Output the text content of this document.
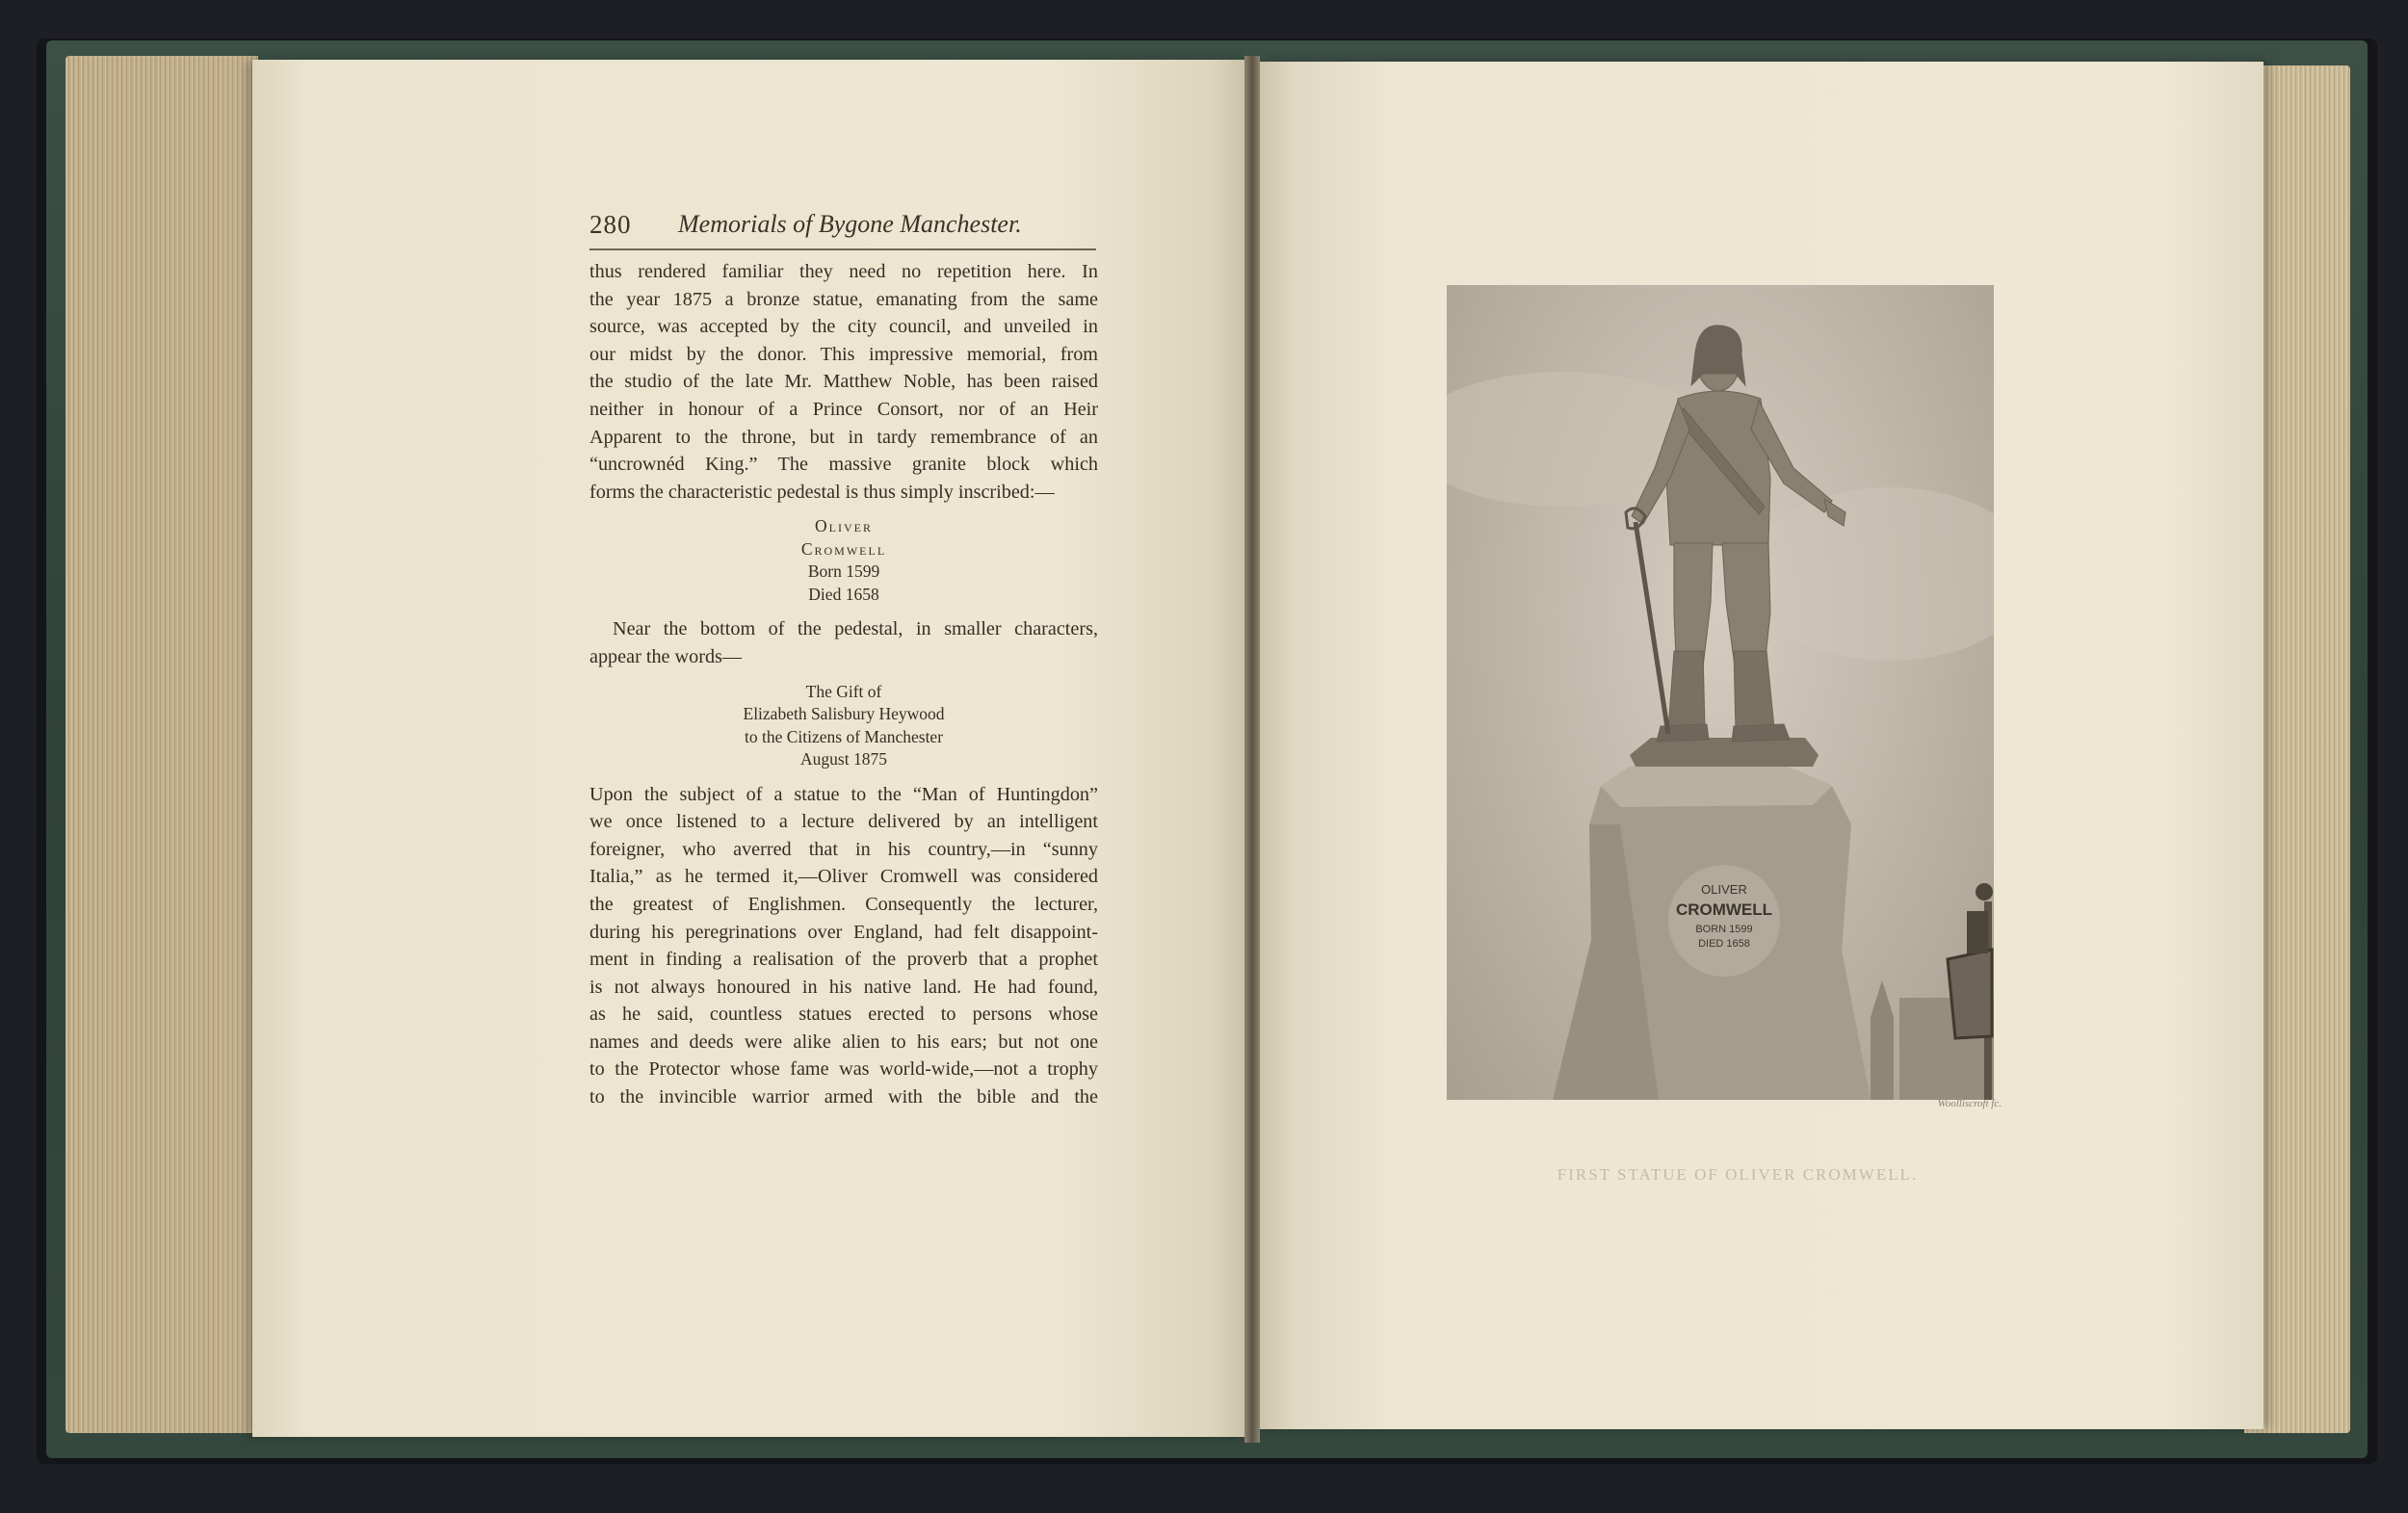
280 Memorials of Bygone Manchester.
thus rendered familiar they need no repetition here. In
the year 1875 a bronze statue, emanating from the same
source, was accepted by the city council, and unveiled in
our midst by the donor. This impressive memorial, from
the studio of the late Mr. Matthew Noble, has been raised
neither in honour of a Prince Consort, nor of an Heir
Apparent to the throne, but in tardy remembrance of an
“uncrownéd King.” The massive granite block which
forms the characteristic pedestal is thus simply inscribed:—
Oliver
Cromwell
Born 1599
Died 1658
Near the bottom of the pedestal, in smaller characters,
appear the words—
The Gift of
Elizabeth Salisbury Heywood
to the Citizens of Manchester
August 1875
Upon the subject of a statue to the “Man of Huntingdon”
we once listened to a lecture delivered by an intelligent
foreigner, who averred that in his country,—in “sunny
Italia,” as he termed it,—Oliver Cromwell was considered
the greatest of Englishmen. Consequently the lecturer,
during his peregrinations over England, had felt disappoint-
ment in finding a realisation of the proverb that a prophet
is not always honoured in his native land. He had found,
as he said, countless statues erected to persons whose
names and deeds were alike alien to his ears; but not one
to the Protector whose fame was world-wide,—not a trophy
to the invincible warrior armed with the bible and the
OLIVER
CROMWELL
BORN 1599
DIED 1658
Woolliscroft fc.
FIRST STATUE OF OLIVER CROMWELL.
